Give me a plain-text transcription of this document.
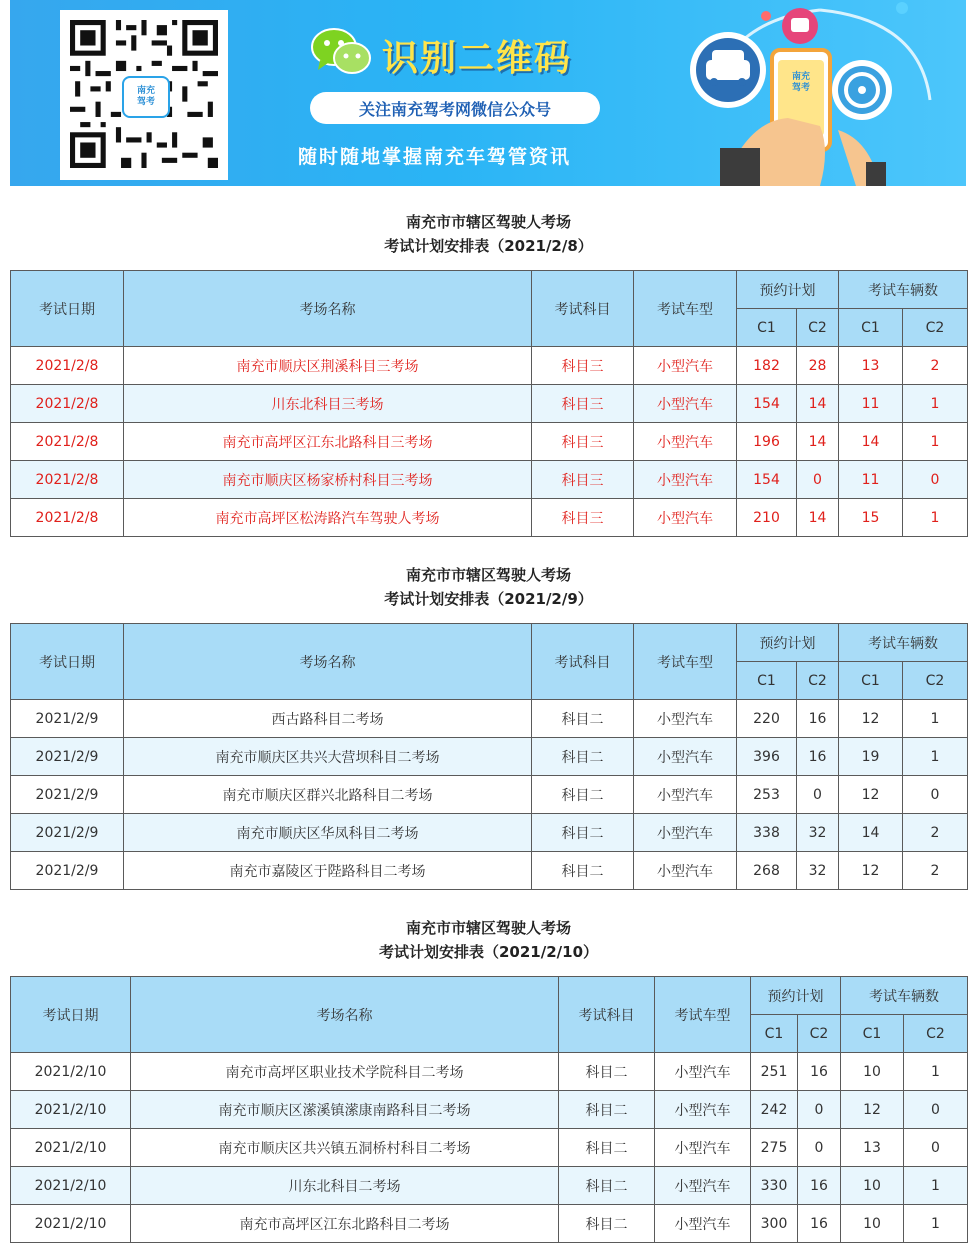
南充
驾考
识别二维码
关注南充驾考网微信公众号
随时随地掌握南充车驾管资讯
南充
驾考
南充市市辖区驾驶人考场
考试计划安排表（2021/2/8）
考试日期	考场名称	考试科目	考试车型	预约计划		考试车辆数	
				C1	C2	C1	C2
2021/2/8	南充市顺庆区荆溪科目三考场	科目三	小型汽车	182	28	13	2
2021/2/8	川东北科目三考场	科目三	小型汽车	154	14	11	1
2021/2/8	南充市高坪区江东北路科目三考场	科目三	小型汽车	196	14	14	1
2021/2/8	南充市顺庆区杨家桥村科目三考场	科目三	小型汽车	154	0	11	0
2021/2/8	南充市高坪区松涛路汽车驾驶人考场	科目三	小型汽车	210	14	15	1
南充市市辖区驾驶人考场
考试计划安排表（2021/2/9）
考试日期	考场名称	考试科目	考试车型	预约计划		考试车辆数	
				C1	C2	C1	C2
2021/2/9	西古路科目二考场	科目二	小型汽车	220	16	12	1
2021/2/9	南充市顺庆区共兴大营坝科目二考场	科目二	小型汽车	396	16	19	1
2021/2/9	南充市顺庆区群兴北路科目二考场	科目二	小型汽车	253	0	12	0
2021/2/9	南充市顺庆区华凤科目二考场	科目二	小型汽车	338	32	14	2
2021/2/9	南充市嘉陵区于陛路科目二考场	科目二	小型汽车	268	32	12	2
南充市市辖区驾驶人考场
考试计划安排表（2021/2/10）
考试日期	考场名称	考试科目	考试车型	预约计划		考试车辆数	
				C1	C2	C1	C2
2021/2/10	南充市高坪区职业技术学院科目二考场	科目二	小型汽车	251	16	10	1
2021/2/10	南充市顺庆区潆溪镇潆康南路科目二考场	科目二	小型汽车	242	0	12	0
2021/2/10	南充市顺庆区共兴镇五洞桥村科目二考场	科目二	小型汽车	275	0	13	0
2021/2/10	川东北科目二考场	科目二	小型汽车	330	16	10	1
2021/2/10	南充市高坪区江东北路科目二考场	科目二	小型汽车	300	16	10	1
